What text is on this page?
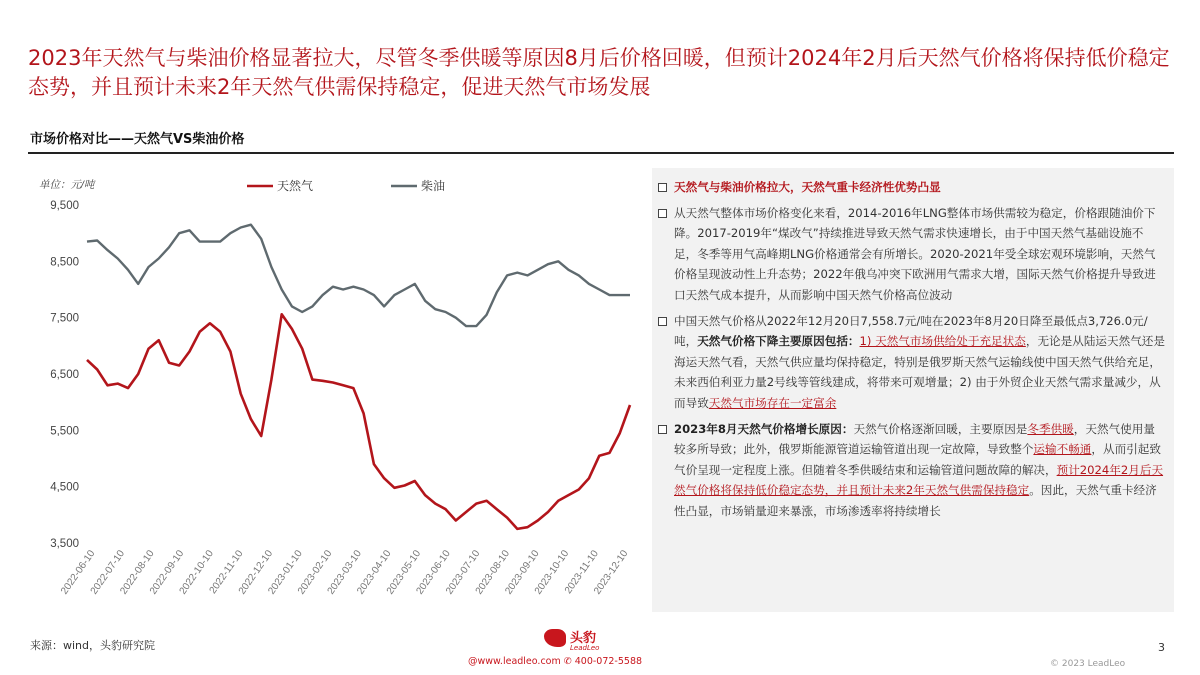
2023年天然气与柴油价格显著拉大，尽管冬季供暖等原因8月后价格回暖，但预计2024年2月后天然气价格将保持低价稳定态势，并且预计未来2年天然气供需保持稳定，促进天然气市场发展
市场价格对比——天然气VS柴油价格
单位：元/吨	天然气	柴油
9,500
8,500
7,500
6,500
5,500
4,500
3,500
2022-06-10
2022-07-10
2022-08-10
2022-09-10
2022-10-10
2022-11-10
2022-12-10
2023-01-10
2023-02-10
2023-03-10
2023-04-10
2023-05-10
2023-06-10
2023-07-10
2023-08-10
2023-09-10
2023-10-10
2023-11-10
2023-12-10
天然气与柴油价格拉大，天然气重卡经济性优势凸显
从天然气整体市场价格变化来看，2014-2016年LNG整体市场供需较为稳定，价格跟随油价下降。2017-2019年“煤改气”持续推进导致天然气需求快速增长，由于中国天然气基础设施不足，冬季等用气高峰期LNG价格通常会有所增长。2020-2021年受全球宏观环境影响，天然气价格呈现波动性上升态势；2022年俄乌冲突下欧洲用气需求大增，国际天然气价格提升导致进口天然气成本提升，从而影响中国天然气价格高位波动
中国天然气价格从2022年12月20日7,558.7元/吨在2023年8月20日降至最低点3,726.0元/吨，天然气价格下降主要原因包括：1) 天然气市场供给处于充足状态，无论是从陆运天然气还是海运天然气看，天然气供应量均保持稳定，特别是俄罗斯天然气运输线使中国天然气供给充足，未来西伯利亚力量2号线等管线建成，将带来可观增量；2) 由于外贸企业天然气需求量减少，从而导致天然气市场存在一定富余
2023年8月天然气价格增长原因：天然气价格逐渐回暖，主要原因是冬季供暖，天然气使用量较多所导致；此外，俄罗斯能源管道运输管道出现一定故障，导致整个运输不畅通，从而引起致气价呈现一定程度上涨。但随着冬季供暖结束和运输管道问题故障的解决，预计2024年2月后天然气价格将保持低价稳定态势，并且预计未来2年天然气供需保持稳定。因此，天然气重卡经济性凸显，市场销量迎来暴涨，市场渗透率将持续增长
来源：wind，头豹研究院	头豹
LeadLeo
@www.leadleo.com ✆ 400-072-5588
3
© 2023 LeadLeo
